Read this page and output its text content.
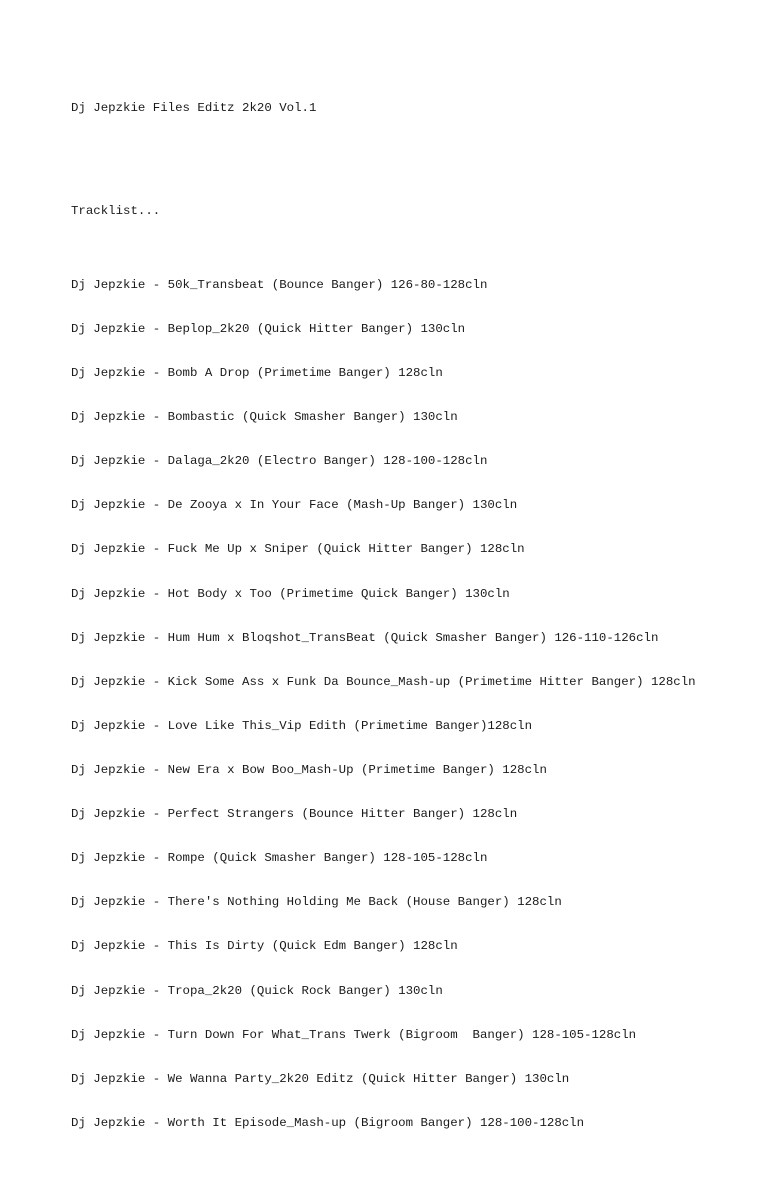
Dj Jepzkie Files Editz 2k20 Vol.1

Tracklist...

Dj Jepzkie - 50k_Transbeat (Bounce Banger) 126-80-128cln

Dj Jepzkie - Beplop_2k20 (Quick Hitter Banger) 130cln

Dj Jepzkie - Bomb A Drop (Primetime Banger) 128cln

Dj Jepzkie - Bombastic (Quick Smasher Banger) 130cln

Dj Jepzkie - Dalaga_2k20 (Electro Banger) 128-100-128cln

Dj Jepzkie - De Zooya x In Your Face (Mash-Up Banger) 130cln

Dj Jepzkie - Fuck Me Up x Sniper (Quick Hitter Banger) 128cln

Dj Jepzkie - Hot Body x Too (Primetime Quick Banger) 130cln

Dj Jepzkie - Hum Hum x Bloqshot_TransBeat (Quick Smasher Banger) 126-110-126cln

Dj Jepzkie - Kick Some Ass x Funk Da Bounce_Mash-up (Primetime Hitter Banger) 128cln

Dj Jepzkie - Love Like This_Vip Edith (Primetime Banger)128cln

Dj Jepzkie - New Era x Bow Boo_Mash-Up (Primetime Banger) 128cln

Dj Jepzkie - Perfect Strangers (Bounce Hitter Banger) 128cln

Dj Jepzkie - Rompe (Quick Smasher Banger) 128-105-128cln

Dj Jepzkie - There's Nothing Holding Me Back (House Banger) 128cln

Dj Jepzkie - This Is Dirty (Quick Edm Banger) 128cln

Dj Jepzkie - Tropa_2k20 (Quick Rock Banger) 130cln

Dj Jepzkie - Turn Down For What_Trans Twerk (Bigroom  Banger) 128-105-128cln

Dj Jepzkie - We Wanna Party_2k20 Editz (Quick Hitter Banger) 130cln

Dj Jepzkie - Worth It Episode_Mash-up (Bigroom Banger) 128-100-128cln
